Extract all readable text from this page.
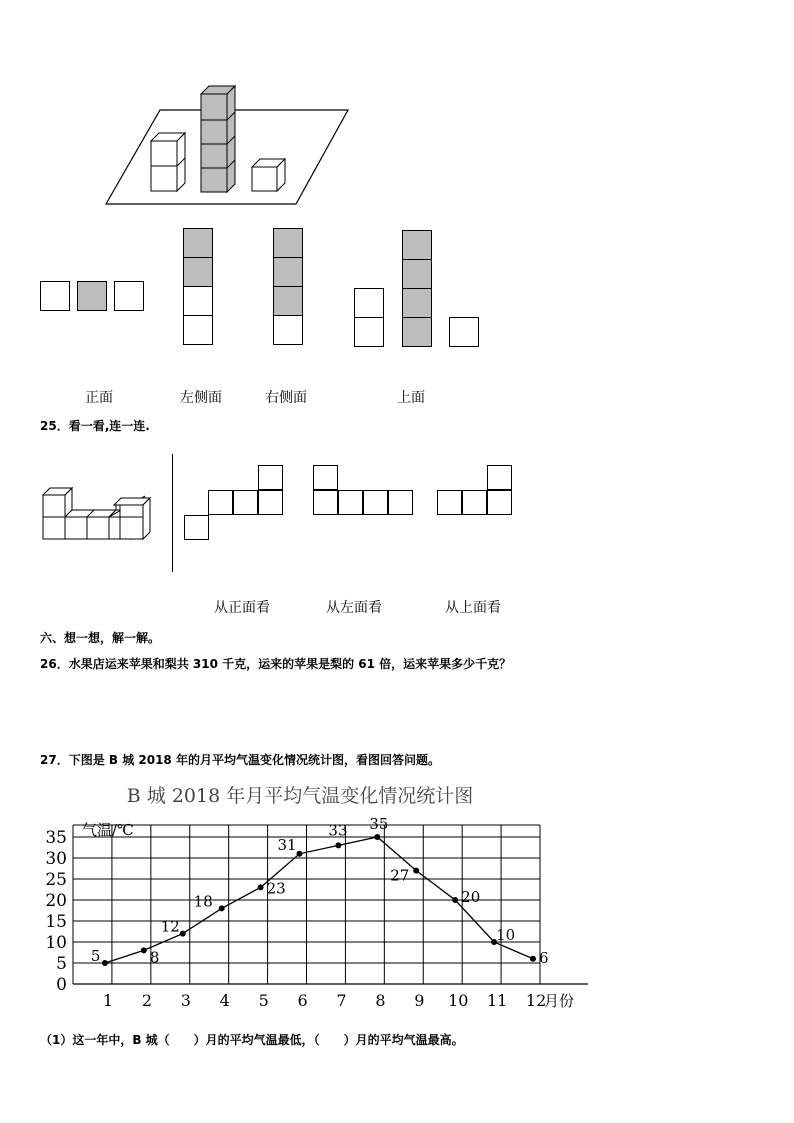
正面	左侧面	右侧面	上面
25．看一看,连一连.
从正面看	从左面看	从上面看
六、想一想，解一解。
26．水果店运来苹果和梨共 310 千克，运来的苹果是梨的 61 倍，运来苹果多少千克？
27．下图是 B 城 2018 年的月平均气温变化情况统计图，看图回答问题。
B 城 2018 年月平均气温变化情况统计图
0
5
10
15
20
25
30
35
1 2 3 4 5 6 7 8 9 10 11 12
5	8
12
18
23
31
33 35
27
20
10
6
气温/℃
月份
（1）这一年中，B 城（　　）月的平均气温最低，（　　）月的平均气温最高。
